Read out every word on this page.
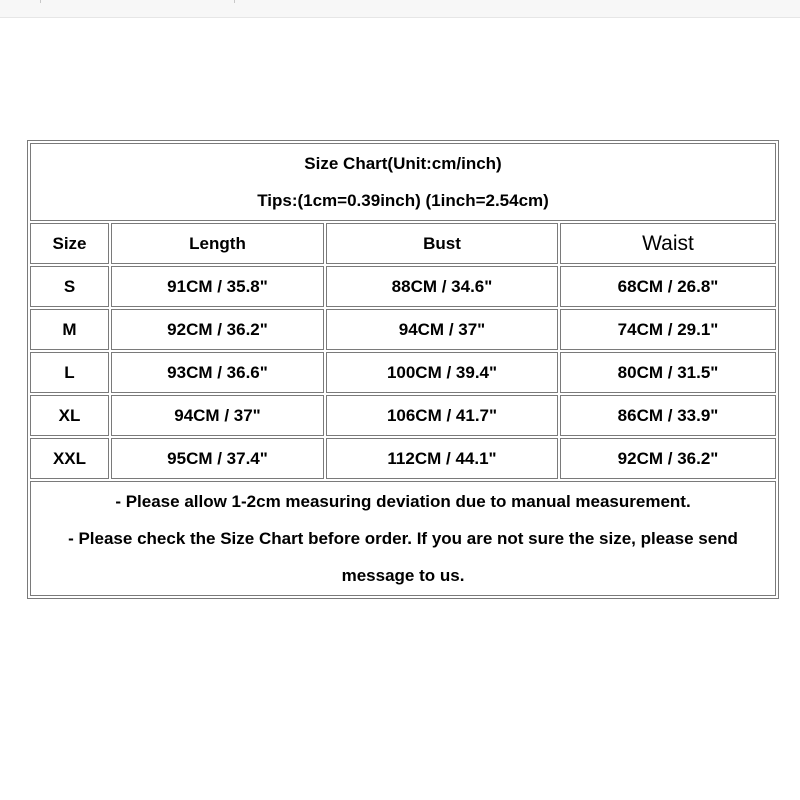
Size Chart(Unit:cm/inch)
Tips:(1cm=0.39inch) (1inch=2.54cm)			

Size	Length	Bust	Waist
S	91CM / 35.8"	88CM / 34.6"	68CM / 26.8"
M	92CM / 36.2"	94CM / 37"	74CM / 29.1"
L	93CM / 36.6"	100CM / 39.4"	80CM / 31.5"
XL	94CM / 37"	106CM / 41.7"	86CM / 33.9"
XXL	95CM / 37.4"	112CM / 44.1"	92CM / 36.2"

- Please allow 1-2cm measuring deviation due to manual measurement.
- Please check the Size Chart before order. If you are not sure the size, please send message to us.			
